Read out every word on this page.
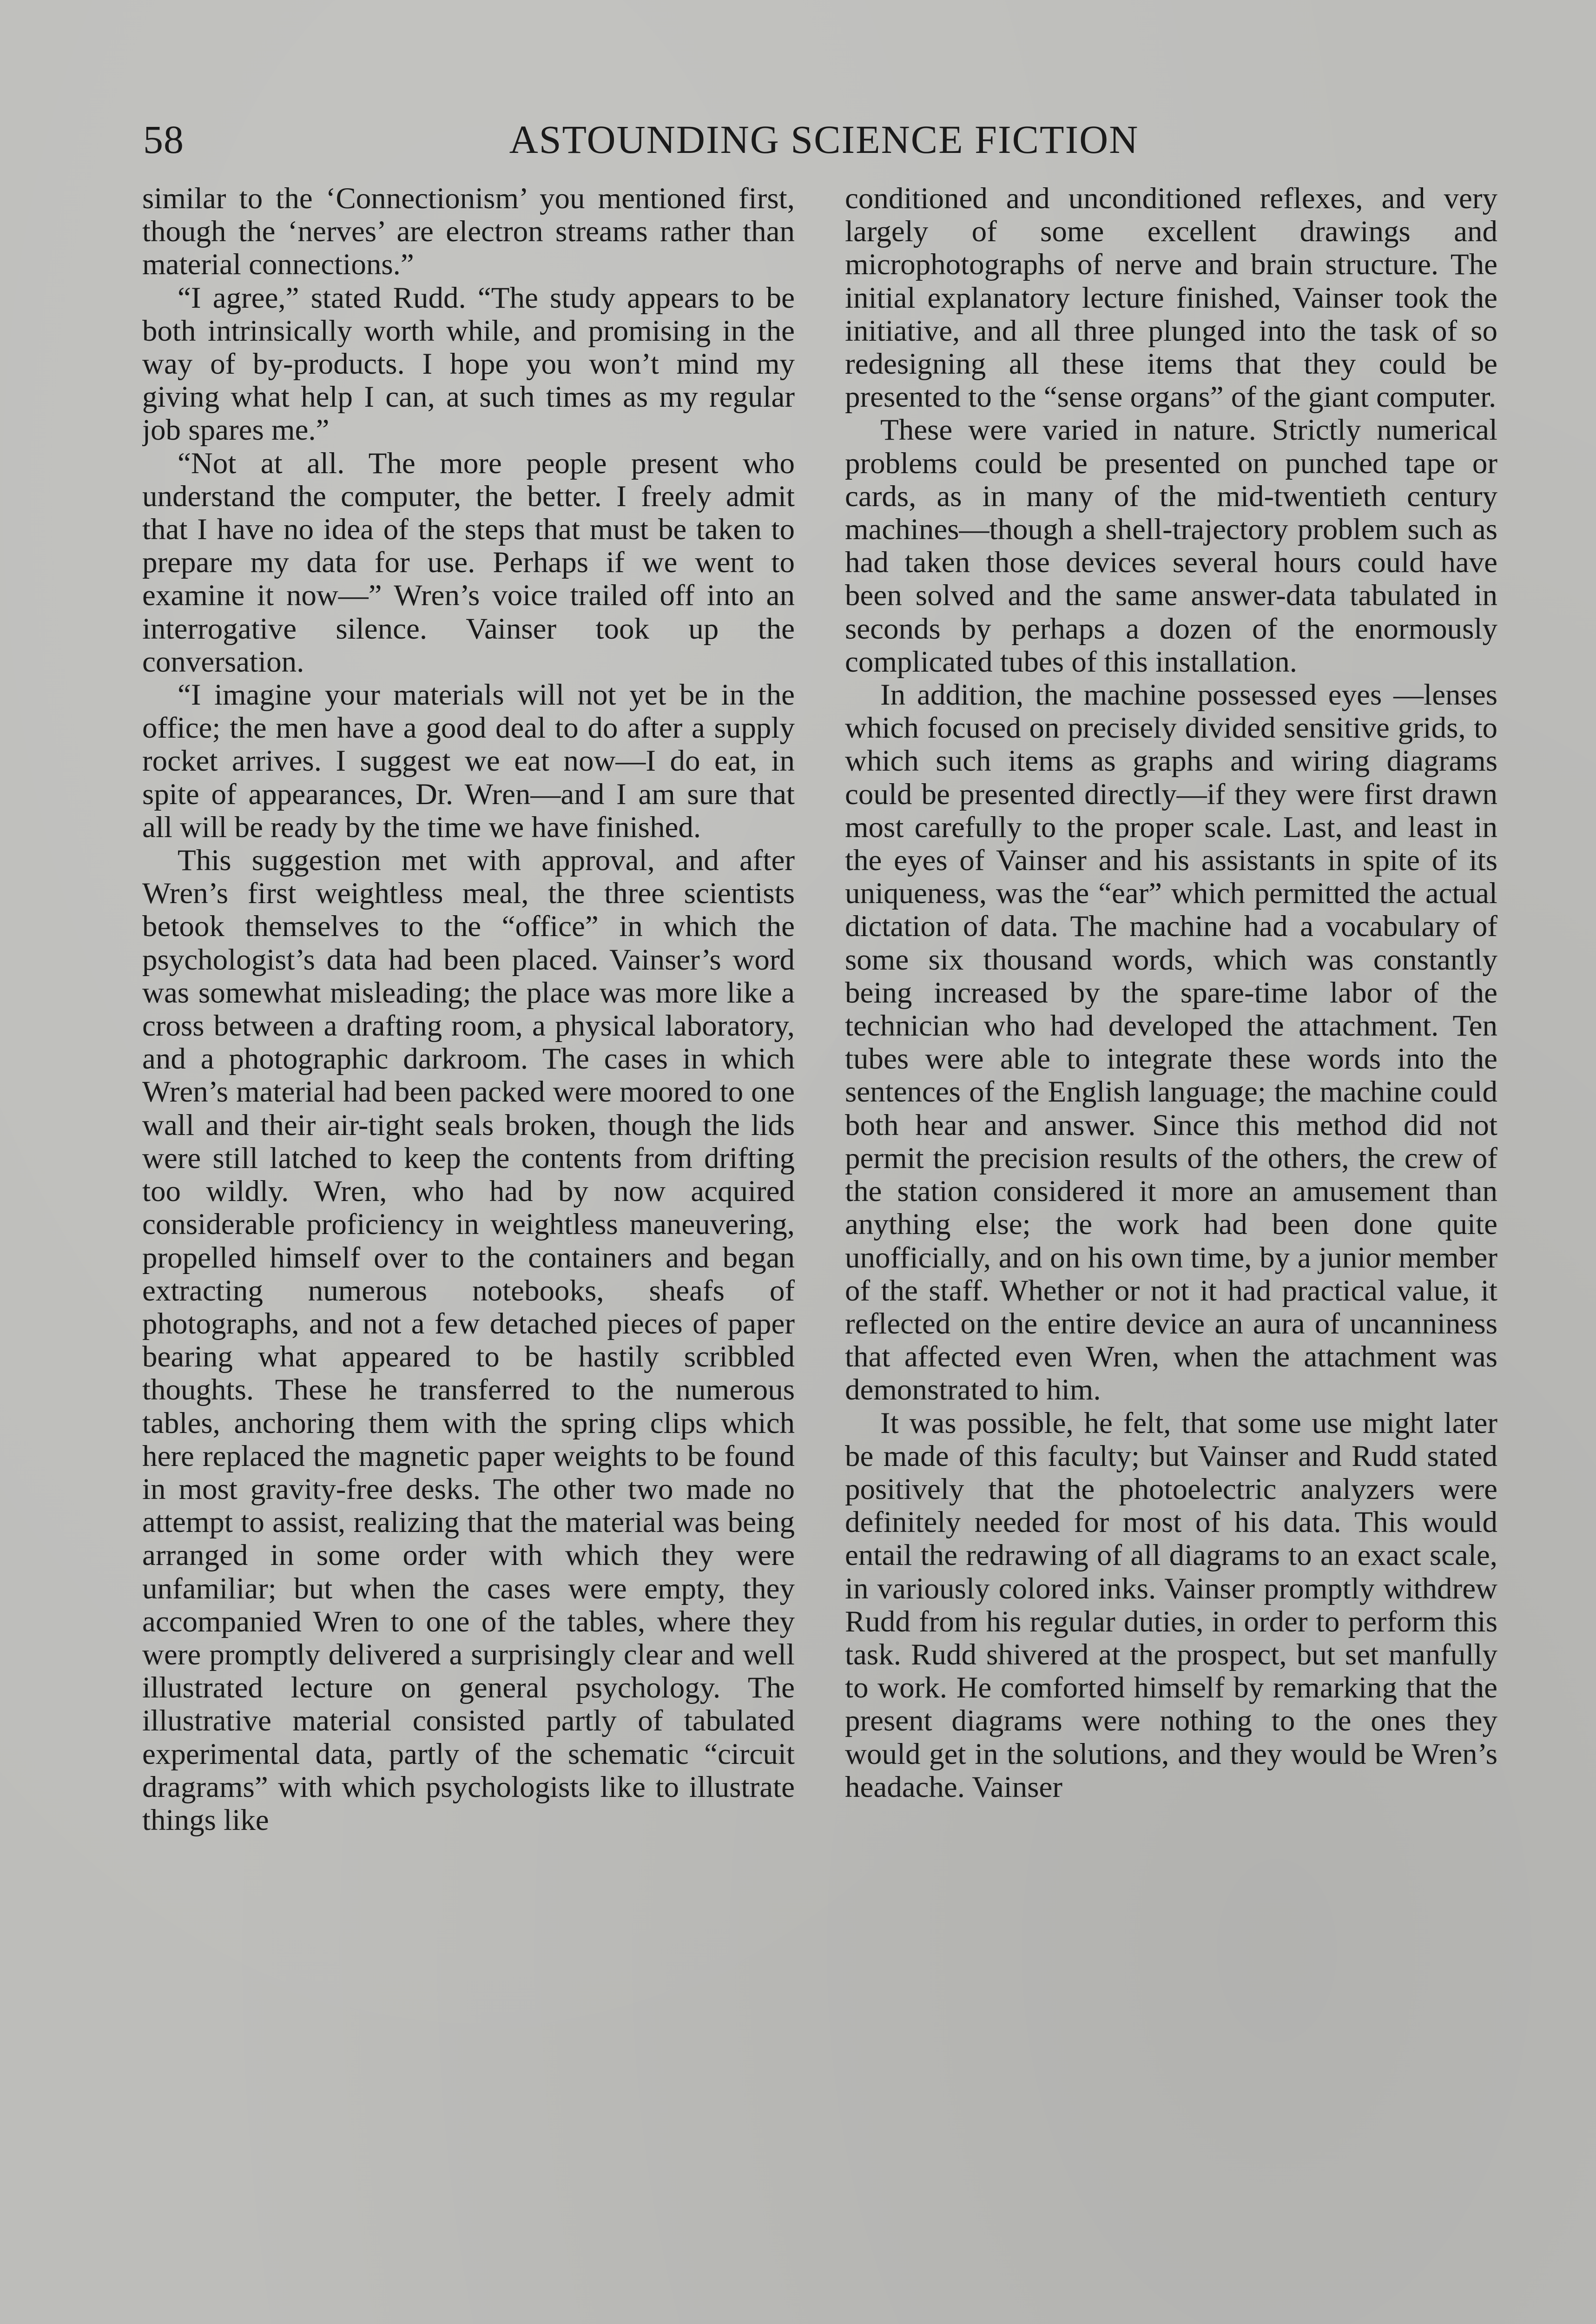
58	ASTOUNDING SCIENCE FICTION

similar to the ‘Connectionism’ you mentioned first, though the ‘nerves’ are electron streams rather than material connections.”

“I agree,” stated Rudd. “The study appears to be both intrinsically worth while, and promising in the way of by-products. I hope you won’t mind my giving what help I can, at such times as my regular job spares me.”

“Not at all. The more people present who understand the computer, the better. I freely admit that I have no idea of the steps that must be taken to prepare my data for use. Perhaps if we went to examine it now—” Wren’s voice trailed off into an interrogative silence. Vainser took up the conversation.

“I imagine your materials will not yet be in the office; the men have a good deal to do after a supply rocket arrives. I suggest we eat now—I do eat, in spite of appearances, Dr. Wren—and I am sure that all will be ready by the time we have finished.

This suggestion met with approval, and after Wren’s first weightless meal, the three scientists betook themselves to the “office” in which the psychologist’s data had been placed. Vainser’s word was somewhat misleading; the place was more like a cross between a drafting room, a physical laboratory, and a photographic darkroom. The cases in which Wren’s material had been packed were moored to one wall and their air-tight seals broken, though the lids were still latched to keep the contents from drifting too wildly. Wren, who had by now acquired considerable proficiency in weightless maneuvering, propelled himself over to the containers and began extracting numerous notebooks, sheafs of photographs, and not a few detached pieces of paper bearing what appeared to be hastily scribbled thoughts. These he transferred to the numerous tables, anchoring them with the spring clips which here replaced the magnetic paper weights to be found in most gravity-free desks. The other two made no attempt to assist, realizing that the material was being arranged in some order with which they were unfamiliar; but when the cases were empty, they accompanied Wren to one of the tables, where they were promptly delivered a surprisingly clear and well illustrated lecture on general psychology. The illustrative material consisted partly of tabulated experimental data, partly of the schematic “circuit dragrams” with which psychologists like to illustrate things like

conditioned and unconditioned reflexes, and very largely of some excellent drawings and microphotographs of nerve and brain structure. The initial explanatory lecture finished, Vainser took the initiative, and all three plunged into the task of so redesigning all these items that they could be presented to the “sense organs” of the giant computer.

These were varied in nature. Strictly numerical problems could be presented on punched tape or cards, as in many of the mid-twentieth century machines—though a shell-trajectory problem such as had taken those devices several hours could have been solved and the same answer-data tabulated in seconds by perhaps a dozen of the enormously complicated tubes of this installation.

In addition, the machine possessed eyes —lenses which focused on precisely divided sensitive grids, to which such items as graphs and wiring diagrams could be presented directly—if they were first drawn most carefully to the proper scale. Last, and least in the eyes of Vainser and his assistants in spite of its uniqueness, was the “ear” which permitted the actual dictation of data. The machine had a vocabulary of some six thousand words, which was constantly being increased by the spare-time labor of the technician who had developed the attachment. Ten tubes were able to integrate these words into the sentences of the English language; the machine could both hear and answer. Since this method did not permit the precision results of the others, the crew of the station considered it more an amusement than anything else; the work had been done quite unofficially, and on his own time, by a junior member of the staff. Whether or not it had practical value, it reflected on the entire device an aura of uncanniness that affected even Wren, when the attachment was demonstrated to him.

It was possible, he felt, that some use might later be made of this faculty; but Vainser and Rudd stated positively that the photoelectric analyzers were definitely needed for most of his data. This would entail the redrawing of all diagrams to an exact scale, in variously colored inks. Vainser promptly withdrew Rudd from his regular duties, in order to perform this task. Rudd shivered at the prospect, but set manfully to work. He comforted himself by remarking that the present diagrams were nothing to the ones they would get in the solutions, and they would be Wren’s headache. Vainser
